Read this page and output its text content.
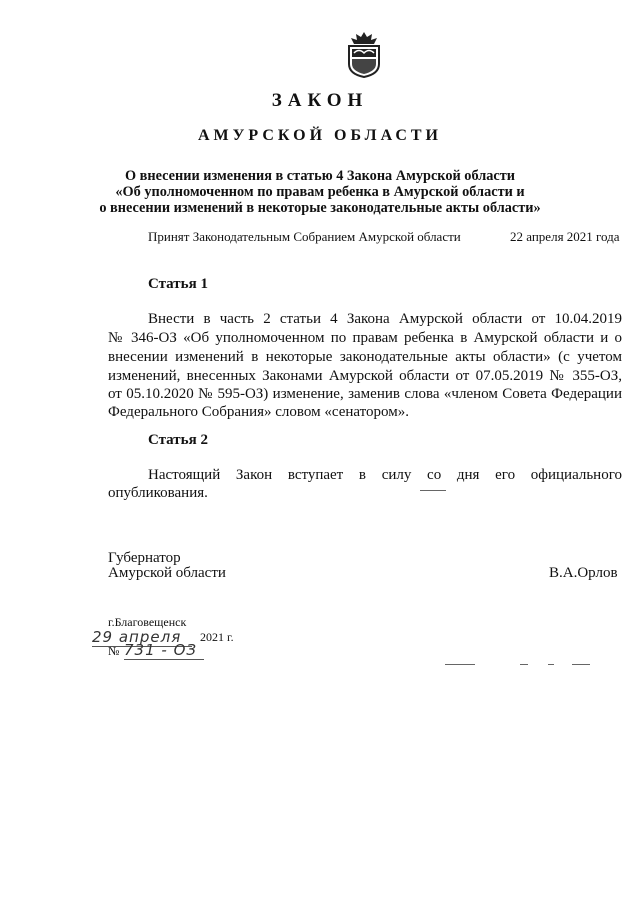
ЗАКОН
АМУРСКОЙ ОБЛАСТИ
О внесении изменения в статью 4 Закона Амурской области
«Об уполномоченном по правам ребенка в Амурской области и
о внесении изменений в некоторые законодательные акты области»
Принят Законодательным Собранием Амурской области	22 апреля 2021 года
Статья 1
Внести в часть 2 статьи 4 Закона Амурской области от 10.04.2019
№ 346-ОЗ «Об уполномоченном по правам ребенка в Амурской области и о
внесении изменений в некоторые законодательные акты области» (с учетом
изменений, внесенных Законами Амурской области от 07.05.2019 № 355-ОЗ,
от 05.10.2020 № 595-ОЗ) изменение, заменив слова «членом Совета Федерации
Федерального Собрания» словом «сенатором».
Статья 2
Настоящий Закон вступает в силу со дня его официального
опубликования.
Губернатор
Амурской области	В.А.Орлов
г.Благовещенск
29 апреля	2021 г.
№ 731 - ОЗ
